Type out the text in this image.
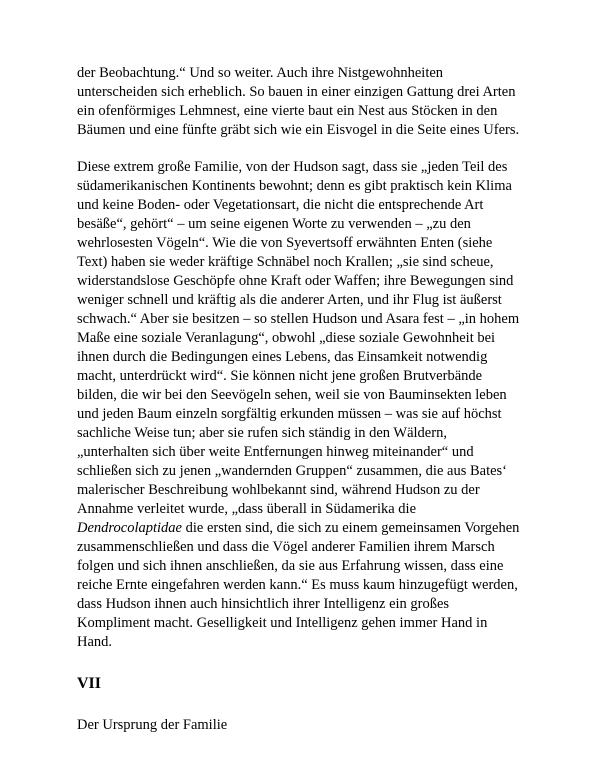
der Beobachtung.“ Und so weiter. Auch ihre Nistgewohnheiten
unterscheiden sich erheblich. So bauen in einer einzigen Gattung drei Arten
ein ofenförmiges Lehmnest, eine vierte baut ein Nest aus Stöcken in den
Bäumen und eine fünfte gräbt sich wie ein Eisvogel in die Seite eines Ufers.

Diese extrem große Familie, von der Hudson sagt, dass sie „jeden Teil des
südamerikanischen Kontinents bewohnt; denn es gibt praktisch kein Klima
und keine Boden- oder Vegetationsart, die nicht die entsprechende Art
besäße“, gehört“ – um seine eigenen Worte zu verwenden – „zu den
wehrlosesten Vögeln“. Wie die von Syevertsoff erwähnten Enten (siehe
Text) haben sie weder kräftige Schnäbel noch Krallen; „sie sind scheue,
widerstandslose Geschöpfe ohne Kraft oder Waffen; ihre Bewegungen sind
weniger schnell und kräftig als die anderer Arten, und ihr Flug ist äußerst
schwach.“ Aber sie besitzen – so stellen Hudson und Asara fest – „in hohem
Maße eine soziale Veranlagung“, obwohl „diese soziale Gewohnheit bei
ihnen durch die Bedingungen eines Lebens, das Einsamkeit notwendig
macht, unterdrückt wird“. Sie können nicht jene großen Brutverbände
bilden, die wir bei den Seevögeln sehen, weil sie von Bauminsekten leben
und jeden Baum einzeln sorgfältig erkunden müssen – was sie auf höchst
sachliche Weise tun; aber sie rufen sich ständig in den Wäldern,
„unterhalten sich über weite Entfernungen hinweg miteinander“ und
schließen sich zu jenen „wandernden Gruppen“ zusammen, die aus Bates‘
malerischer Beschreibung wohlbekannt sind, während Hudson zu der
Annahme verleitet wurde, „dass überall in Südamerika die
Dendrocolaptidae die ersten sind, die sich zu einem gemeinsamen Vorgehen
zusammenschließen und dass die Vögel anderer Familien ihrem Marsch
folgen und sich ihnen anschließen, da sie aus Erfahrung wissen, dass eine
reiche Ernte eingefahren werden kann.“ Es muss kaum hinzugefügt werden,
dass Hudson ihnen auch hinsichtlich ihrer Intelligenz ein großes
Kompliment macht. Geselligkeit und Intelligenz gehen immer Hand in
Hand.

VII

Der Ursprung der Familie
